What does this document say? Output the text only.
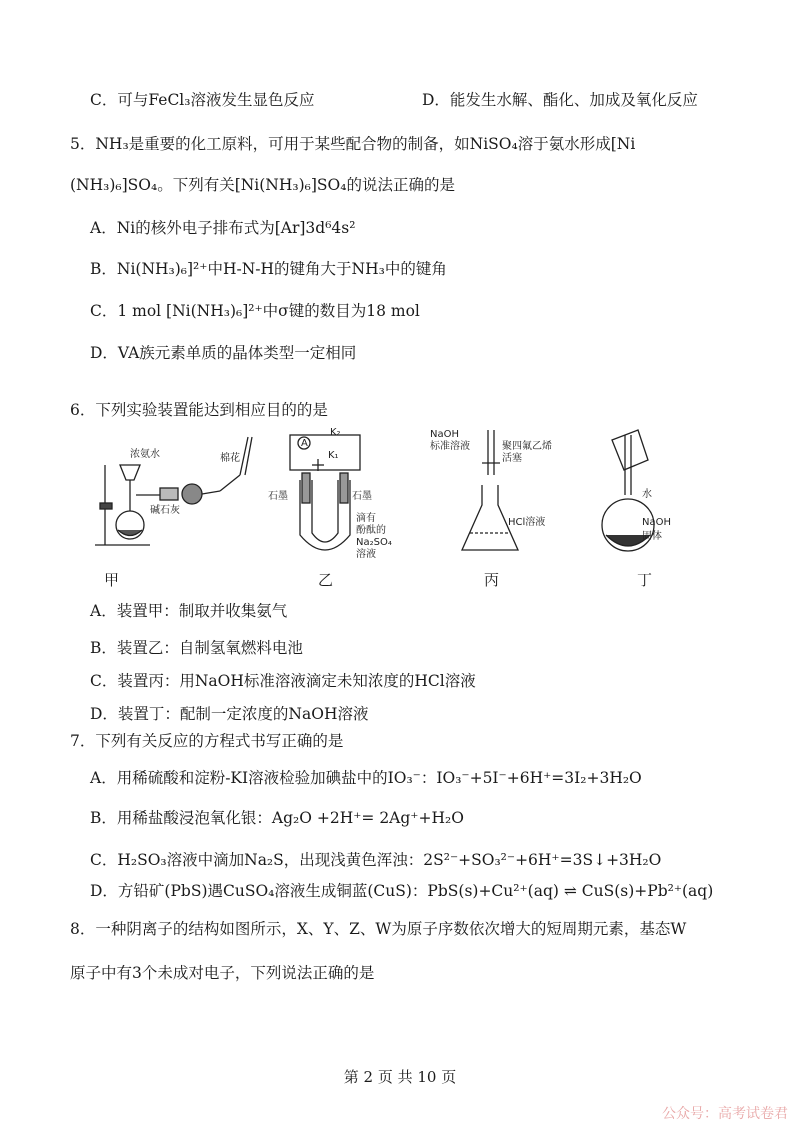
C．可与FeCl₃溶液发生显色反应	D．能发生水解、酯化、加成及氧化反应
5．NH₃是重要的化工原料，可用于某些配合物的制备，如NiSO₄溶于氨水形成[Ni
(NH₃)₆]SO₄。下列有关[Ni(NH₃)₆]SO₄的说法正确的是
A．Ni的核外电子排布式为[Ar]3d⁶4s²
B．Ni(NH₃)₆]²⁺中H-N-H的键角大于NH₃中的键角
C．1 mol [Ni(NH₃)₆]²⁺中σ键的数目为18 mol
D．VA族元素单质的晶体类型一定相同
6．下列实验装置能达到相应目的的是
浓氨水	棉花
碱石灰
A
K₂
K₁
石墨	石墨
滴有
酚酞的
Na₂SO₄
溶液
NaOH
标准溶液	聚四氟乙烯
活塞
HCl溶液
水
NaOH
固体
甲	乙	丙	丁
A．装置甲：制取并收集氨气
B．装置乙：自制氢氧燃料电池
C．装置丙：用NaOH标准溶液滴定未知浓度的HCl溶液
D．装置丁：配制一定浓度的NaOH溶液
7．下列有关反应的方程式书写正确的是
A．用稀硫酸和淀粉-KI溶液检验加碘盐中的IO₃⁻：IO₃⁻+5I⁻+6H⁺=3I₂+3H₂O
B．用稀盐酸浸泡氧化银：Ag₂O +2H⁺= 2Ag⁺+H₂O
C．H₂SO₃溶液中滴加Na₂S，出现浅黄色浑浊：2S²⁻+SO₃²⁻+6H⁺=3S↓+3H₂O
D．方铅矿(PbS)遇CuSO₄溶液生成铜蓝(CuS)：PbS(s)+Cu²⁺(aq) ⇌ CuS(s)+Pb²⁺(aq)
8．一种阴离子的结构如图所示，X、Y、Z、W为原子序数依次增大的短周期元素，基态W
原子中有3个未成对电子，下列说法正确的是
第 2 页 共 10 页
公众号：高考试卷君
